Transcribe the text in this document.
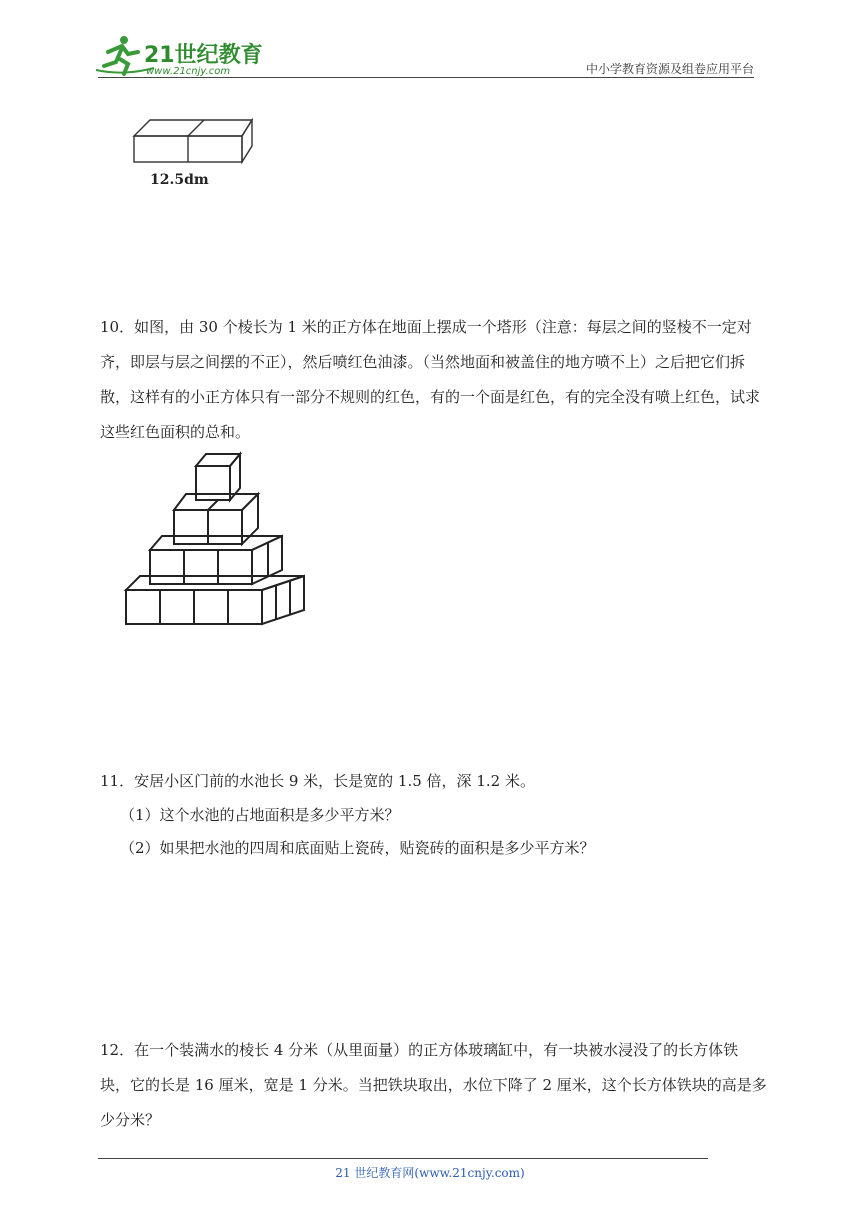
21世纪教育
www.21cnjy.com	中小学教育资源及组卷应用平台
12.5dm

10．如图，由 30 个棱长为 1 米的正方体在地面上摆成一个塔形（注意：每层之间的竖棱不一定对齐，即层与层之间摆的不正），然后喷红色油漆。（当然地面和被盖住的地方喷不上）之后把它们拆散，这样有的小正方体只有一部分不规则的红色，有的一个面是红色，有的完全没有喷上红色，试求这些红色面积的总和。

11．安居小区门前的水池长 9 米，长是宽的 1.5 倍，深 1.2 米。

（1）这个水池的占地面积是多少平方米？

（2）如果把水池的四周和底面贴上瓷砖，贴瓷砖的面积是多少平方米？

12．在一个装满水的棱长 4 分米（从里面量）的正方体玻璃缸中，有一块被水浸没了的长方体铁块，它的长是 16 厘米，宽是 1 分米。当把铁块取出，水位下降了 2 厘米，这个长方体铁块的高是多少分米？

21 世纪教育网(www.21cnjy.com)
